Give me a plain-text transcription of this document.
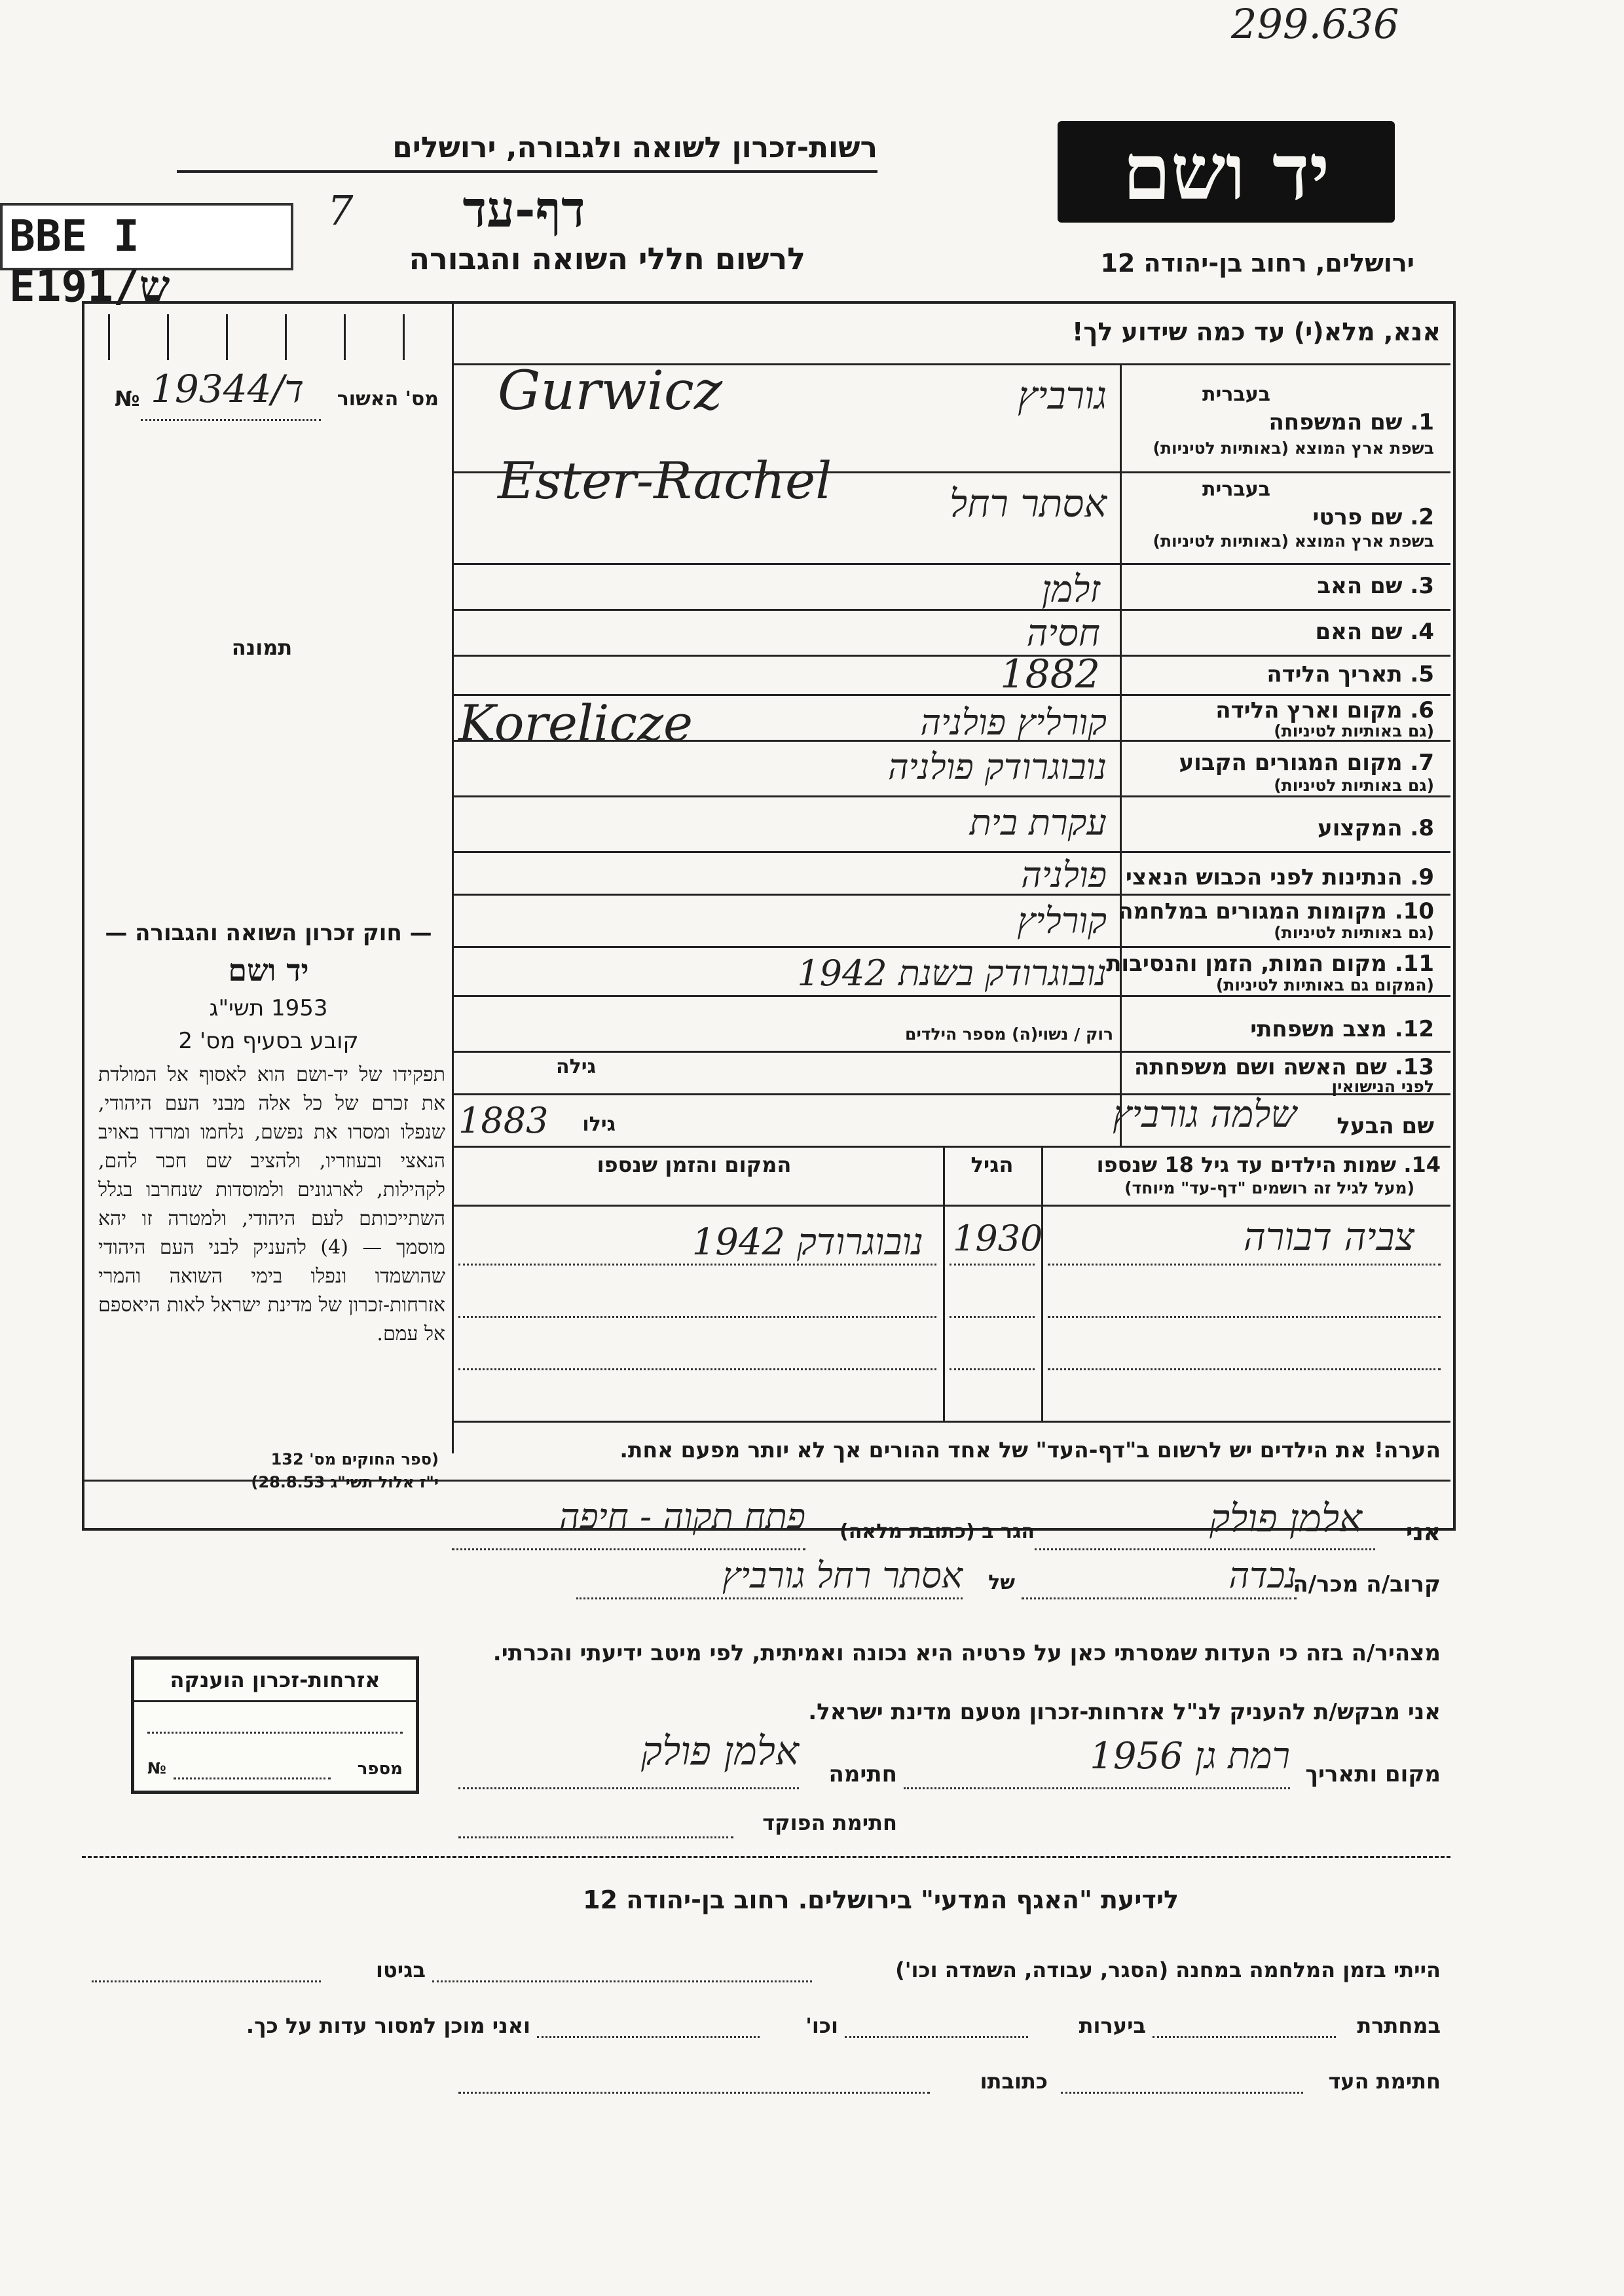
299.636
יד ושם
רשות-זכרון לשואה ולגבורה, ירושלים
דף-עד
BBE I E191/ש
7
לרשום חללי השואה והגבורה	ירושלים, רחוב בן-יהודה 12
אנא, מלא(י) עד כמה שידוע לך!
№ 19344/ד	מס' האשור
תמונה
בעברית
1. שם המשפחה
בשפת ארץ המוצא (באותיות לטיניות)
Gurwicz	גורביץ
בעברית
2. שם פרטי
בשפת ארץ המוצא (באותיות לטיניות)
Ester-Rachel	אסתר רחל
3. שם האב
זלמן
4. שם האם
חסיה
5. תאריך הלידה
1882
6. מקום וארץ הלידה
(גם באותיות לטיניות)
Korelicze	קורליץ פולניה
7. מקום המגורים הקבוע
(גם באותיות לטיניות)
נובוגרודק פולניה
8. המקצוע
עקרת בית
9. הנתינות לפני הכבוש הנאצי
פולניה
10. מקומות המגורים במלחמה
(גם באותיות לטיניות)
קורליץ
11. מקום המות, הזמן והנסיבות
(המקום גם באותיות לטיניות)
נובוגרודק בשנת 1942
12. מצב משפחתי
רוק / נשוי(ה) מספר הילדים
13. שם האשה ושם משפחתה
לפני הנישואין
גילה
שם הבעל
שלמה גורביץ
1883	גילו
14. שמות הילדים עד גיל 18 שנספו
(מעל לגיל זה רושמים "דף-עד" מיוחד)
הגיל
המקום והזמן שנספו
צביה דבורה
1930
נובוגרודק 1942
הערה! את הילדים יש לרשום ב"דף-העד" של אחד ההורים אך לא יותר מפעם אחת.
— חוק זכרון השואה והגבורה —
יד ושם
1953 תשי"ג
קובע בסעיף מס' 2
תפקידו של יד-ושם הוא לאסוף אל המולדת את זכרם של כל אלה מבני העם היהודי, שנפלו ומסרו את נפשם, נלחמו ומרדו באויב הנאצי ובעוזריו, ולהציב שם חכר להם, לקהילות, לארגונים ולמוסדות שנחרבו בגלל השתייכותם לעם היהודי, ולמטרה זו יהא מוסמך — (4) להעניק לבני העם היהודי שהושמדו ונפלו בימי השואה והמרי אזרחות-זכרון של מדינת ישראל לאות היאספם אל עמם.
(ספר החוקים מס' 132
י"ז אלול תשי"ג 28.8.53)
אני
אלמן פולק
הגר ב (כתובת מלאה)
פתח תקוה - חיפה
קרוב/ה מכר/ה
נכדה
של
אסתר רחל גורביץ
מצהיר/ה בזה כי העדות שמסרתי כאן על פרטיה היא נכונה ואמיתית, לפי מיטב ידיעתי והכרתי.
אני מבקש/ת להעניק לנ"ל אזרחות-זכרון מטעם מדינת ישראל.
מקום ותאריך
רמת גן 1956
חתימה
אלמן פולק
חתימת הפוקד
אזרחות-זכרון הוענקה
№	מספר
לידיעת "האגף המדעי" בירושלים. רחוב בן-יהודה 12
הייתי בזמן המלחמה במחנה (הסגר, עבודה, השמדה וכו')
בגיטו
במחתרת
ביערות
וכו'
ואני מוכן למסור עדות על כך.
חתימת העד
כתובתו
